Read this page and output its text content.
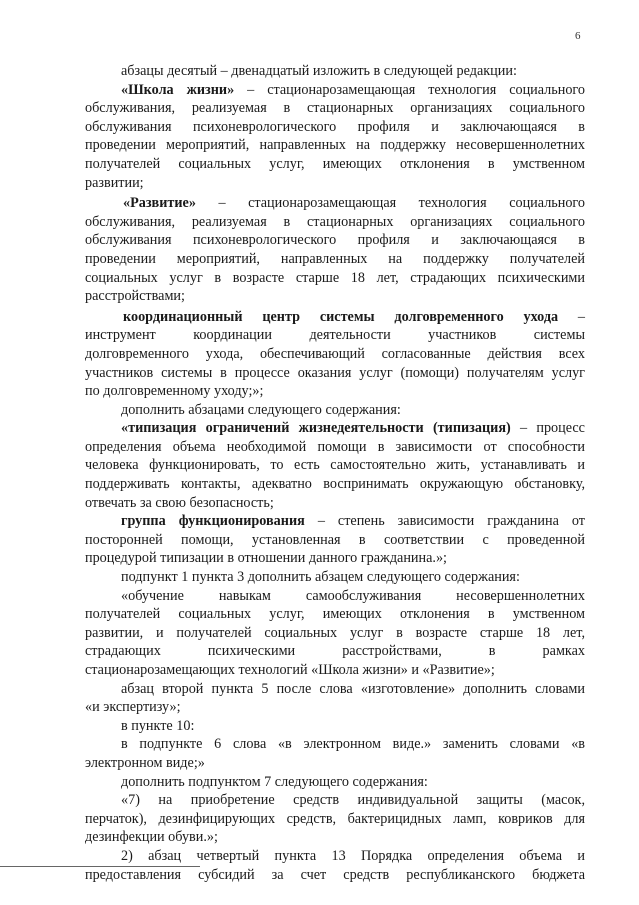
6

абзацы десятый – двенадцатый изложить в следующей редакции:

«Школа жизни» – стационарозамещающая технология социального

обслуживания, реализуемая в стационарных организациях социального

обслуживания психоневрологического профиля и заключающаяся в

проведении мероприятий, направленных на поддержку несовершеннолетних

получателей социальных услуг, имеющих отклонения в умственном

развитии;

«Развитие» – стационарозамещающая технология социального

обслуживания, реализуемая в стационарных организациях социального

обслуживания психоневрологического профиля и заключающаяся в

проведении мероприятий, направленных на поддержку получателей

социальных услуг в возрасте старше 18 лет, страдающих психическими

расстройствами;

координационный центр системы долговременного ухода –

инструмент координации деятельности участников системы

долговременного ухода, обеспечивающий согласованные действия всех

участников системы в процессе оказания услуг (помощи) получателям услуг

по долговременному уходу;»;

дополнить абзацами следующего содержания:

«типизация ограничений жизнедеятельности (типизация) – процесс

определения объема необходимой помощи в зависимости от способности

человека функционировать, то есть самостоятельно жить, устанавливать и

поддерживать контакты, адекватно воспринимать окружающую обстановку,

отвечать за свою безопасность;

группа функционирования – степень зависимости гражданина от

посторонней помощи, установленная в соответствии с проведенной

процедурой типизации в отношении данного гражданина.»;

подпункт 1 пункта 3 дополнить абзацем следующего содержания:

«обучение навыкам самообслуживания несовершеннолетних

получателей социальных услуг, имеющих отклонения в умственном

развитии, и получателей социальных услуг в возрасте старше 18 лет,

страдающих психическими расстройствами, в рамках

стационарозамещающих технологий «Школа жизни» и «Развитие»;

абзац второй пункта 5 после слова «изготовление» дополнить словами

«и экспертизу»;

в пункте 10:

в подпункте 6 слова «в электронном виде.» заменить словами «в

электронном виде;»

дополнить подпунктом 7 следующего содержания:

«7) на приобретение средств индивидуальной защиты (масок,

перчаток), дезинфицирующих средств, бактерицидных ламп, ковриков для

дезинфекции обуви.»;

2) абзац четвертый пункта 13 Порядка определения объема и

предоставления субсидий за счет средств республиканского бюджета
